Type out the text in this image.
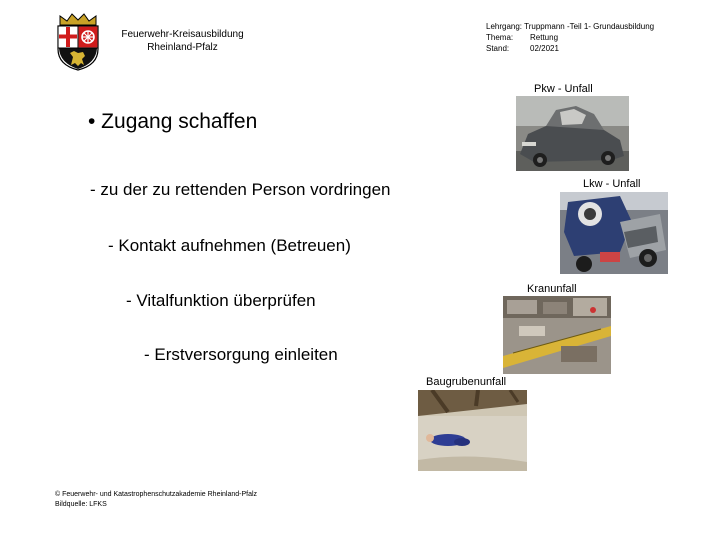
Feuerwehr-Kreisausbildung
Rheinland-Pfalz
Lehrgang: Truppmann -Teil 1- Grundausbildung
Thema: Rettung
Stand:	02/2021
• Zugang schaffen
- zu der zu rettenden Person vordringen
- Kontakt aufnehmen (Betreuen)
- Vitalfunktion überprüfen
- Erstversorgung einleiten
Pkw - Unfall
Lkw - Unfall
Kranunfall
Baugrubenunfall
© Feuerwehr- und Katastrophenschutzakademie Rheinland-Pfalz
Bildquelle: LFKS
